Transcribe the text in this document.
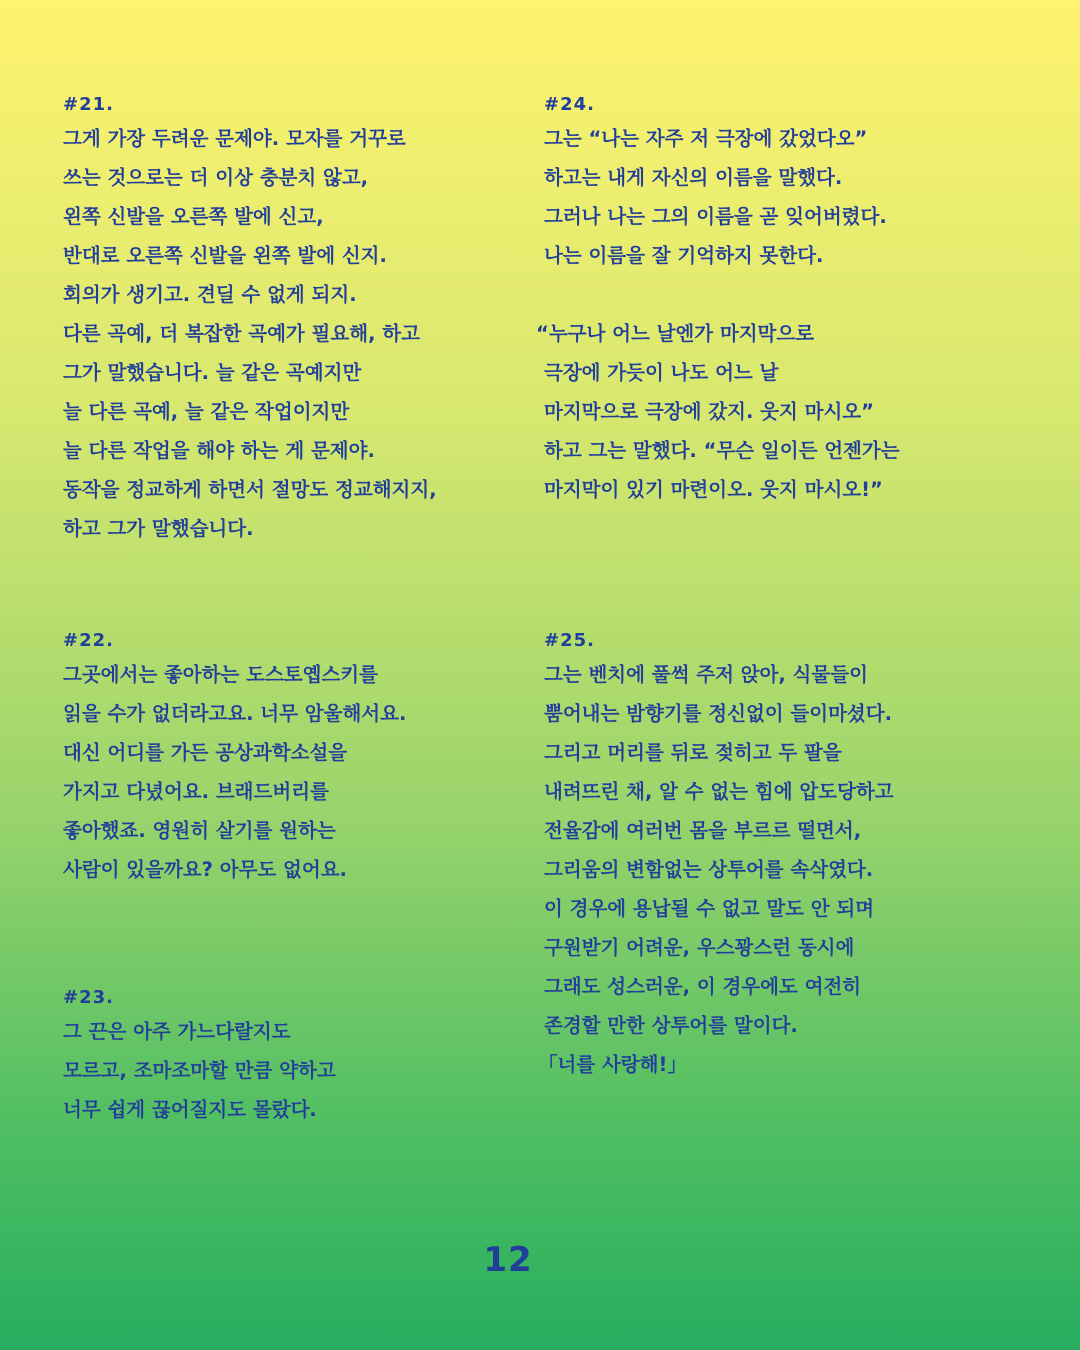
#21.
그게 가장 두려운 문제야. 모자를 거꾸로
쓰는 것으로는 더 이상 충분치 않고,
왼쪽 신발을 오른쪽 발에 신고,
반대로 오른쪽 신발을 왼쪽 발에 신지.
회의가 생기고. 견딜 수 없게 되지.
다른 곡예, 더 복잡한 곡예가 필요해, 하고
그가 말했습니다. 늘 같은 곡예지만
늘 다른 곡예, 늘 같은 작업이지만
늘 다른 작업을 해야 하는 게 문제야.
동작을 정교하게 하면서 절망도 정교해지지,
하고 그가 말했습니다.
#22.
그곳에서는 좋아하는 도스토옙스키를
읽을 수가 없더라고요. 너무 암울해서요.
대신 어디를 가든 공상과학소설을
가지고 다녔어요. 브래드버리를
좋아했죠. 영원히 살기를 원하는
사람이 있을까요? 아무도 없어요.
#23.
그 끈은 아주 가느다랄지도
모르고, 조마조마할 만큼 약하고
너무 쉽게 끊어질지도 몰랐다.
#24.
그는 “나는 자주 저 극장에 갔었다오”
하고는 내게 자신의 이름을 말했다.
그러나 나는 그의 이름을 곧 잊어버렸다.
나는 이름을 잘 기억하지 못한다.
“누구나 어느 날엔가 마지막으로
극장에 가듯이 나도 어느 날
마지막으로 극장에 갔지. 웃지 마시오”
하고 그는 말했다. “무슨 일이든 언젠가는
마지막이 있기 마련이오. 웃지 마시오!”
#25.
그는 벤치에 풀썩 주저 앉아, 식물들이
뿜어내는 밤향기를 정신없이 들이마셨다.
그리고 머리를 뒤로 젖히고 두 팔을
내려뜨린 채, 알 수 없는 힘에 압도당하고
전율감에 여러번 몸을 부르르 떨면서,
그리움의 변함없는 상투어를 속삭였다.
이 경우에 용납될 수 없고 말도 안 되며
구원받기 어려운, 우스꽝스런 동시에
그래도 성스러운, 이 경우에도 여전히
존경할 만한 상투어를 말이다.
「너를 사랑해!」
12
